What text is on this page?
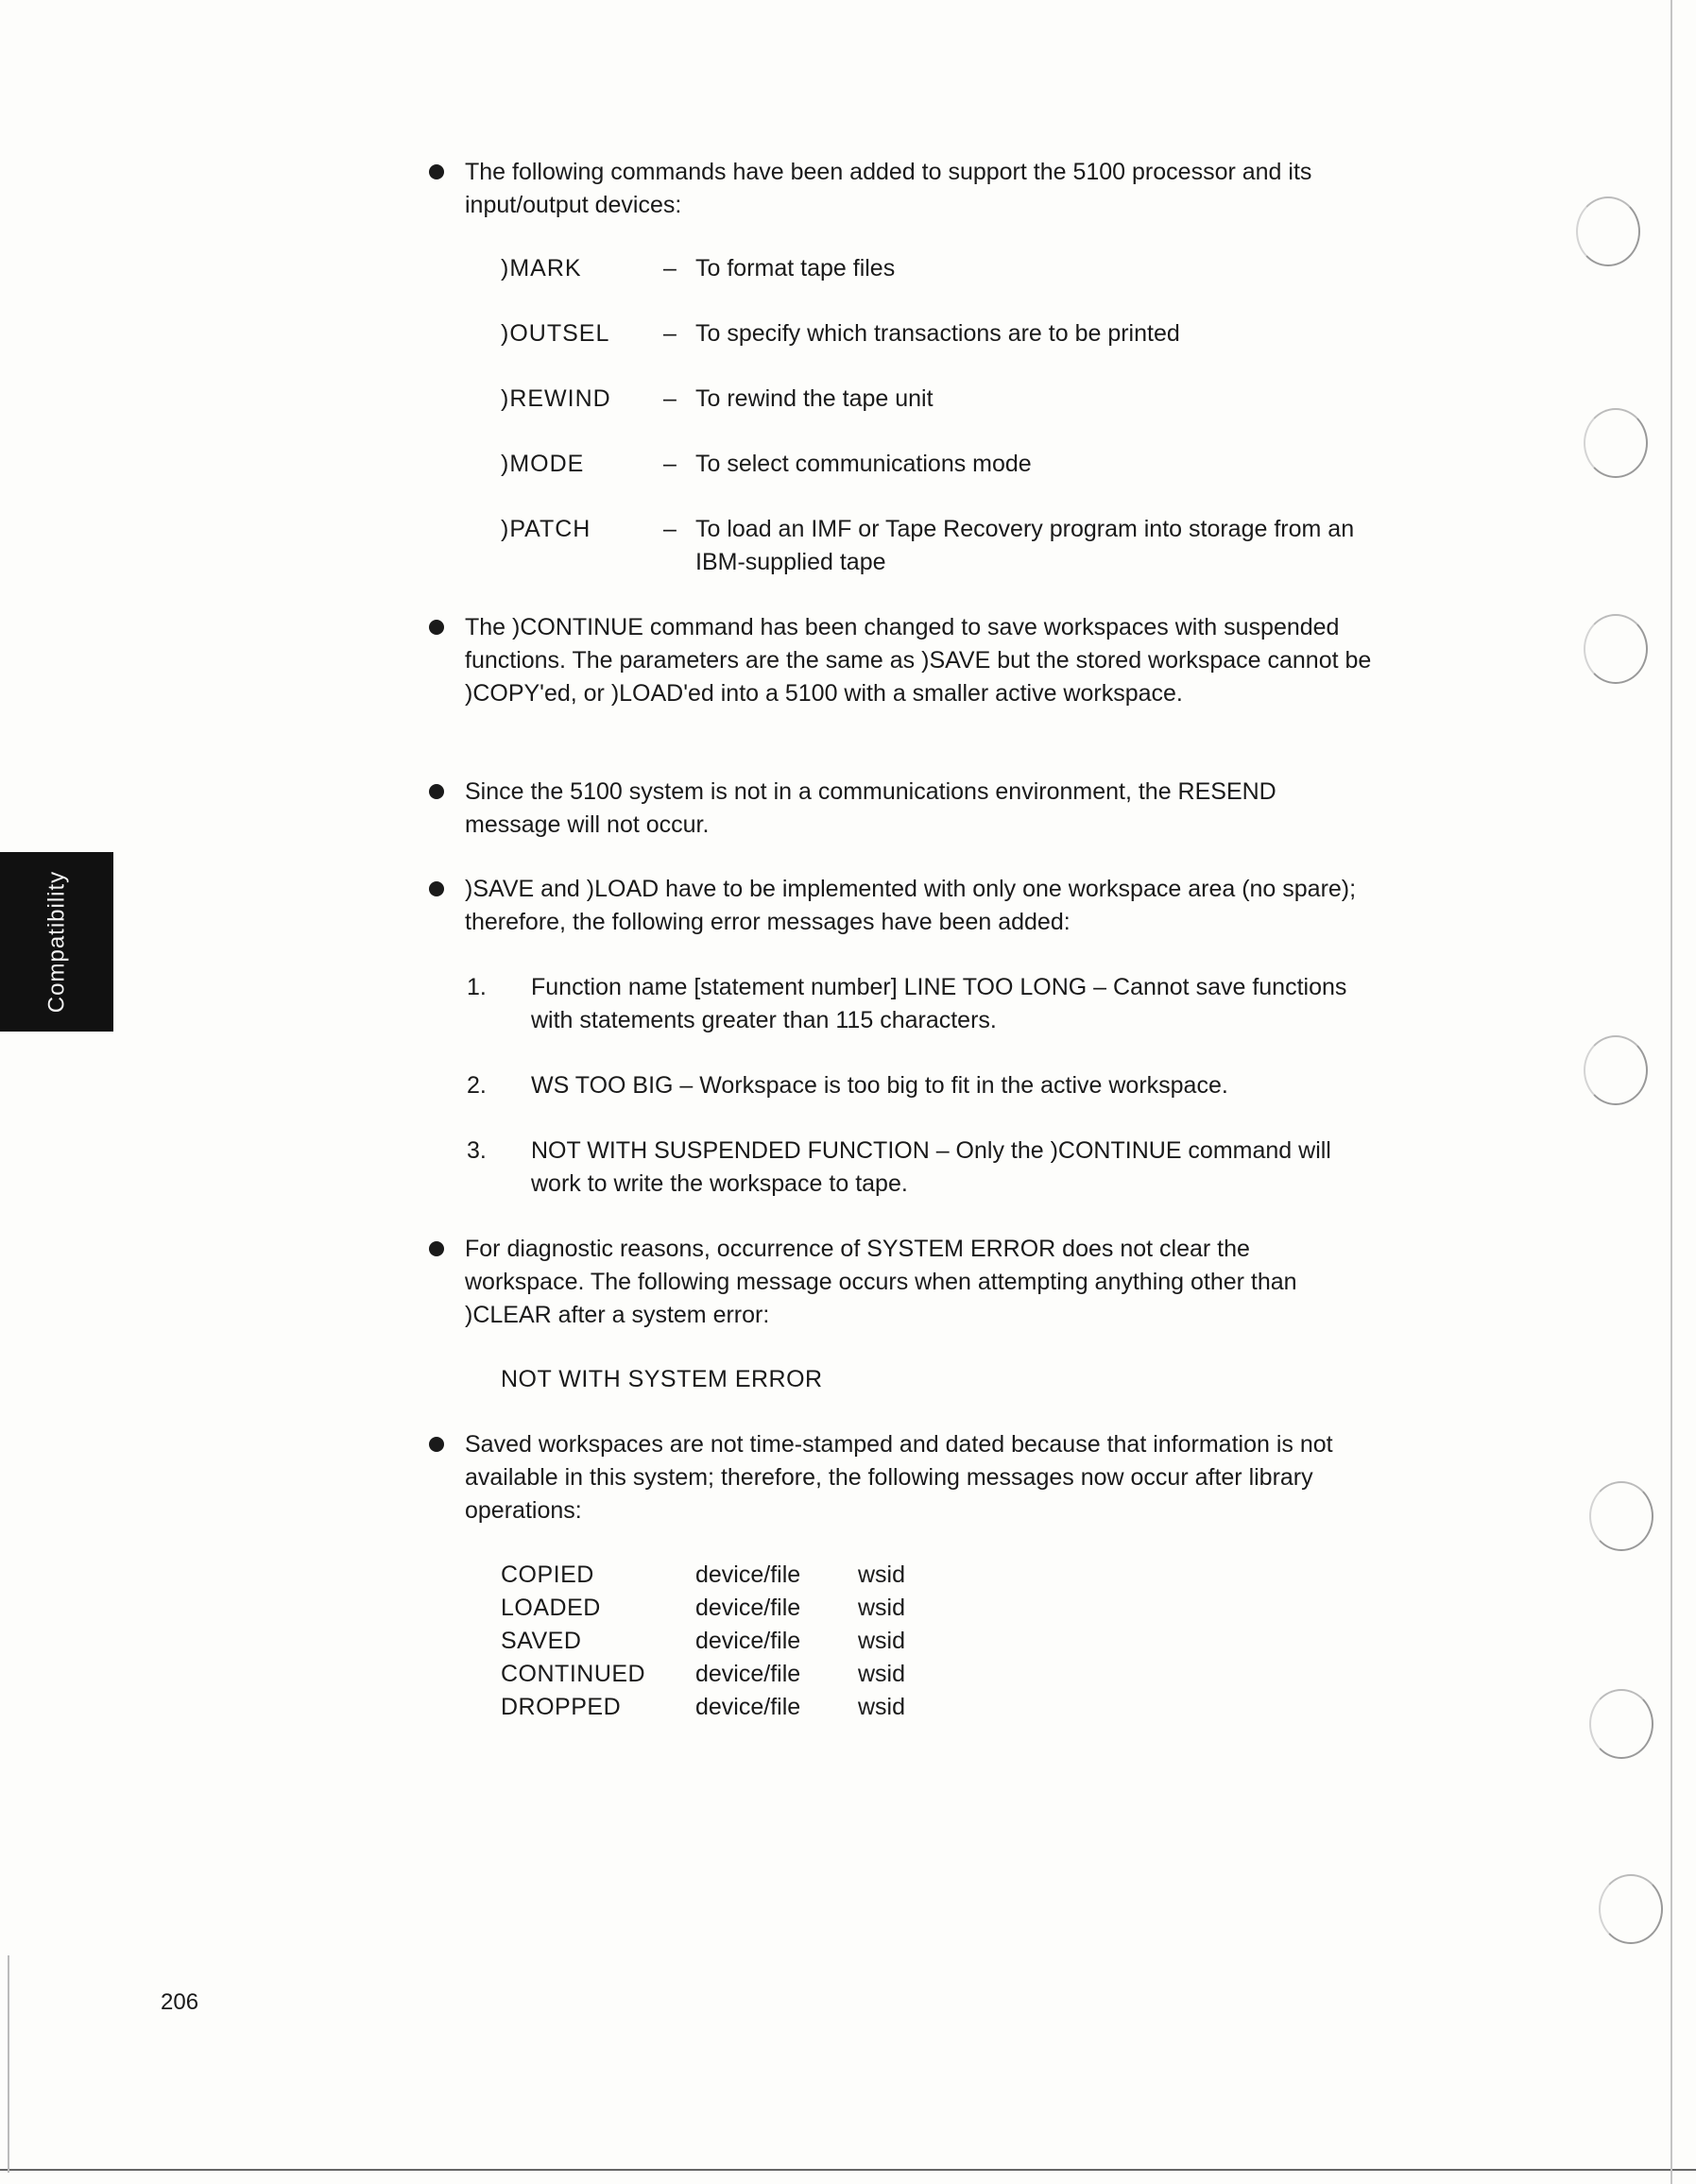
The following commands have been added to support the 5100 processor and its input/output devices:
)MARK	– To format tape files
)OUTSEL – To specify which transactions are to be printed
)REWIND – To rewind the tape unit
)MODE	– To select communications mode
)PATCH	– To load an IMF or Tape Recovery program into storage from an IBM-supplied tape
The )CONTINUE command has been changed to save workspaces with suspended functions. The parameters are the same as )SAVE but the stored workspace cannot be )COPY'ed, or )LOAD'ed into a 5100 with a smaller active workspace.
Since the 5100 system is not in a communications environment, the RESEND message will not occur.
)SAVE and )LOAD have to be implemented with only one workspace area (no spare); therefore, the following error messages have been added:
1. Function name [statement number] LINE TOO LONG – Cannot save functions with statements greater than 115 characters.
2. WS TOO BIG – Workspace is too big to fit in the active workspace.
3. NOT WITH SUSPENDED FUNCTION – Only the )CONTINUE command will work to write the workspace to tape.
For diagnostic reasons, occurrence of SYSTEM ERROR does not clear the workspace. The following message occurs when attempting anything other than )CLEAR after a system error:
NOT WITH SYSTEM ERROR
Saved workspaces are not time-stamped and dated because that information is not available in this system; therefore, the following messages now occur after library operations:
COPIED	device/file	wsid
LOADED	device/file	wsid
SAVED	device/file	wsid
CONTINUED	device/file	wsid
DROPPED	device/file	wsid
Compatibility
206
